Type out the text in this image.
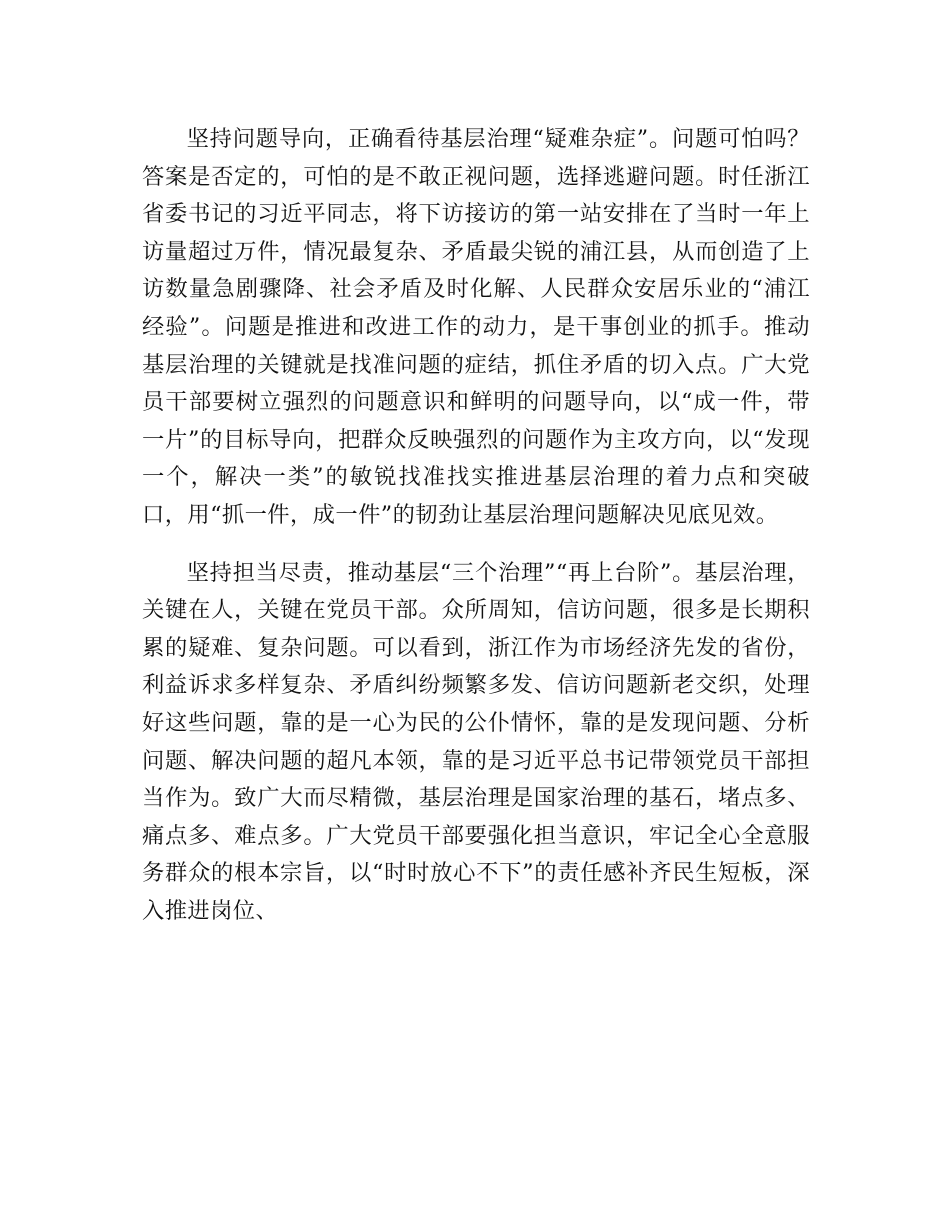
坚持问题导向，正确看待基层治理“疑难杂症”。问题可怕吗？答案是否定的，可怕的是不敢正视问题，选择逃避问题。时任浙江省委书记的习近平同志，将下访接访的第一站安排在了当时一年上访量超过万件，情况最复杂、矛盾最尖锐的浦江县，从而创造了上访数量急剧骤降、社会矛盾及时化解、人民群众安居乐业的“浦江经验”。问题是推进和改进工作的动力，是干事创业的抓手。推动基层治理的关键就是找准问题的症结，抓住矛盾的切入点。广大党员干部要树立强烈的问题意识和鲜明的问题导向，以“成一件，带一片”的目标导向，把群众反映强烈的问题作为主攻方向，以“发现一个，解决一类”的敏锐找准找实推进基层治理的着力点和突破口，用“抓一件，成一件”的韧劲让基层治理问题解决见底见效。

坚持担当尽责，推动基层“三个治理”“再上台阶”。基层治理，关键在人，关键在党员干部。众所周知，信访问题，很多是长期积累的疑难、复杂问题。可以看到，浙江作为市场经济先发的省份，利益诉求多样复杂、矛盾纠纷频繁多发、信访问题新老交织，处理好这些问题，靠的是一心为民的公仆情怀，靠的是发现问题、分析问题、解决问题的超凡本领，靠的是习近平总书记带领党员干部担当作为。致广大而尽精微，基层治理是国家治理的基石，堵点多、痛点多、难点多。广大党员干部要强化担当意识，牢记全心全意服务群众的根本宗旨，以“时时放心不下”的责任感补齐民生短板，深入推进岗位、
